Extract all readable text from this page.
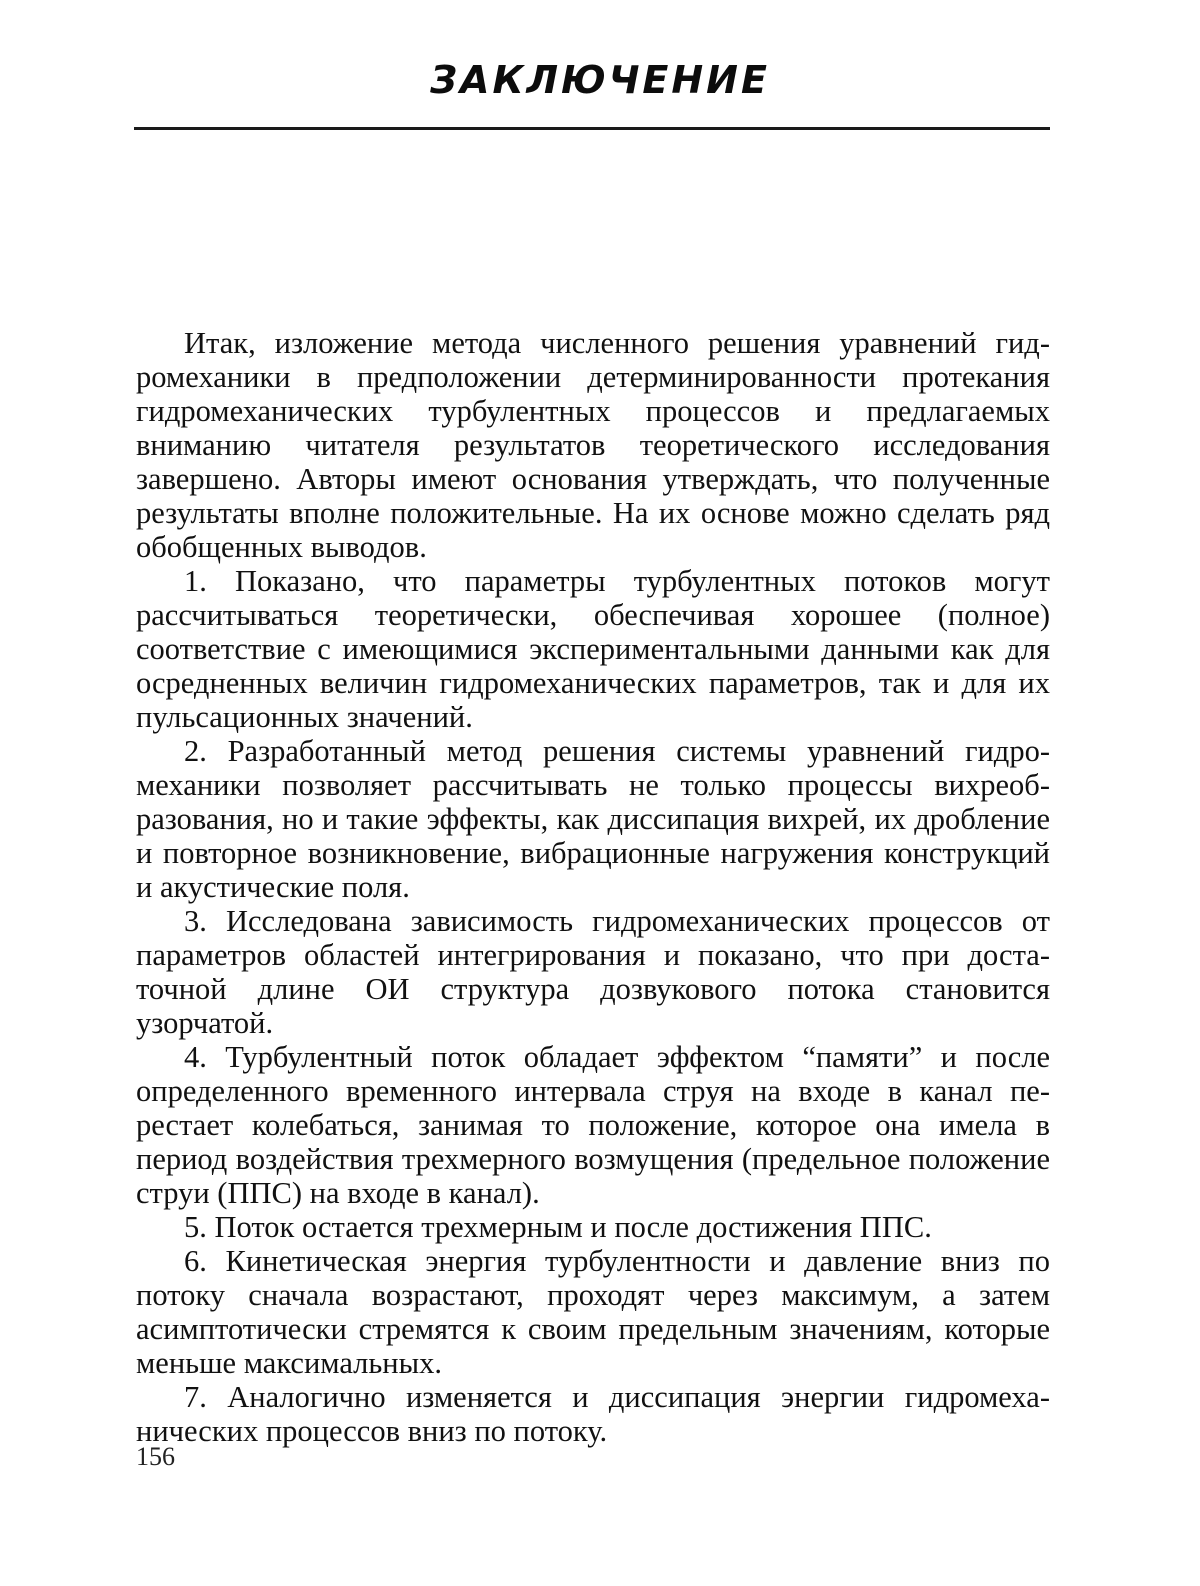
ЗАКЛЮЧЕНИЕ

Итак, изложение метода численного решения уравнений гидромеханики в предположении детерминированности протекания гидромеханических турбулентных процессов и предлагаемых вниманию читателя результатов теоретического исследования завершено. Авторы имеют основания утверждать, что полученные результаты вполне положительные. На их основе можно сделать ряд обобщенных выводов.

1. Показано, что параметры турбулентных потоков могут рассчитываться теоретически, обеспечивая хорошее (полное) соответствие с имеющимися экспериментальными данными как для осредненных величин гидромеханических параметров, так и для их пульсационных значений.

2. Разработанный метод решения системы уравнений гидромеханики позволяет рассчитывать не только процессы вихреобразования, но и такие эффекты, как диссипация вихрей, их дробление и повторное возникновение, вибрационные нагружения конструкций и акустические поля.

3. Исследована зависимость гидромеханических процессов от параметров областей интегрирования и показано, что при достаточной длине ОИ структура дозвукового потока становится узорчатой.

4. Турбулентный поток обладает эффектом “памяти” и после определенного временного интервала струя на входе в канал перестает колебаться, занимая то положение, которое она имела в период воздействия трехмерного возмущения (предельное положение струи (ППС) на входе в канал).

5. Поток остается трехмерным и после достижения ППС.

6. Кинетическая энергия турбулентности и давление вниз по потоку сначала возрастают, проходят через максимум, а затем асимптотически стремятся к своим предельным значениям, которые меньше максимальных.

7. Аналогично изменяется и диссипация энергии гидромеханических процессов вниз по потоку.

156
